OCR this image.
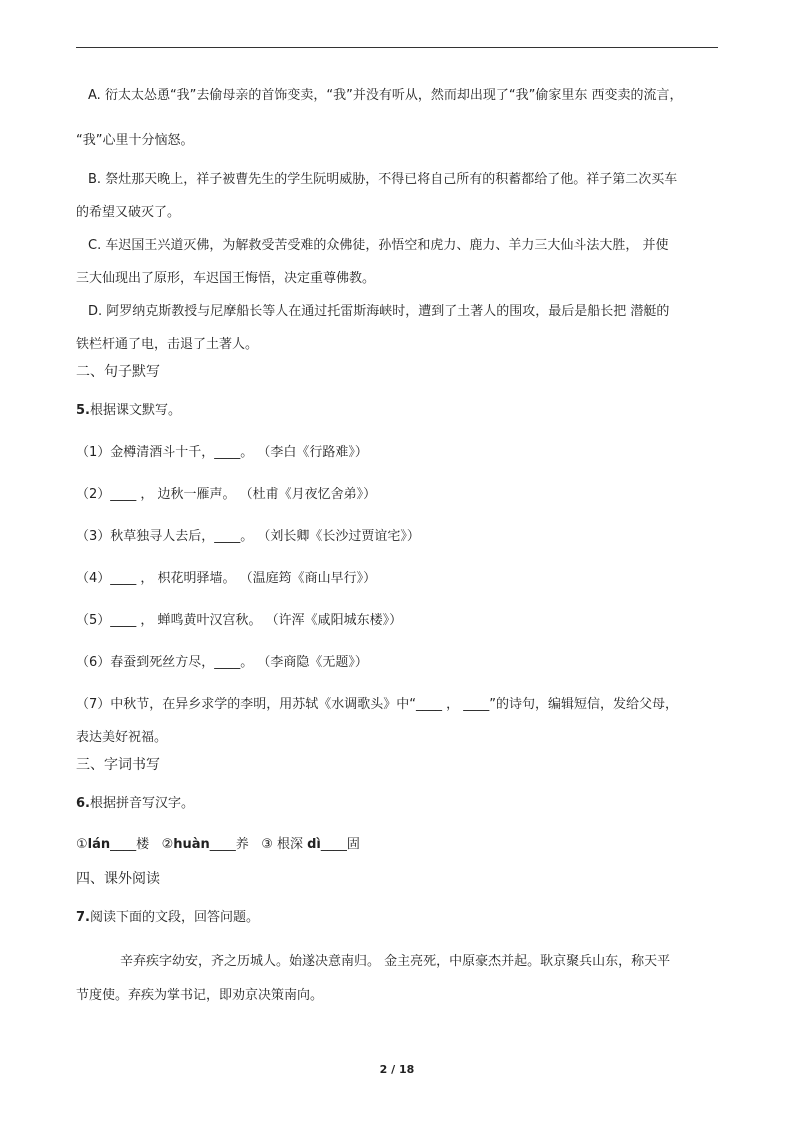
A. 衍太太怂恿“我”去偷母亲的首饰变卖，“我”并没有听从，然而却出现了“我”偷家里东 西变卖的流言，
“我”心里十分恼怒。
B. 祭灶那天晚上，祥子被曹先生的学生阮明威胁，不得已将自己所有的积蓄都给了他。祥子第二次买车
的希望又破灭了。
C. 车迟国王兴道灭佛，为解救受苦受难的众佛徒，孙悟空和虎力、鹿力、羊力三大仙斗法大胜， 并使
三大仙现出了原形，车迟国王悔悟，决定重尊佛教。
D. 阿罗纳克斯教授与尼摩船长等人在通过托雷斯海峡时，遭到了土著人的围攻，最后是船长把 潜艇的
铁栏杆通了电，击退了土著人。
二、句子默写
5.根据课文默写。
（1）金樽清酒斗十千，____。 （李白《行路难》）
（2）____ ， 边秋一雁声。 （杜甫《月夜忆舍弟》）
（3）秋草独寻人去后，____。 （刘长卿《长沙过贾谊宅》）
（4）____ ， 枳花明驿墙。 （温庭筠《商山早行》）
（5）____ ， 蝉鸣黄叶汉宫秋。 （许浑《咸阳城东楼》）
（6）春蚕到死丝方尽，____。 （李商隐《无题》）
（7）中秋节，在异乡求学的李明，用苏轼《水调歌头》中“____ ， ____”的诗句，编辑短信，发给父母，
表达美好祝福。
三、字词书写
6.根据拼音写汉字。
①lán____楼 ②huàn____养 ③ 根深 dì____固
四、课外阅读
7.阅读下面的文段，回答问题。
辛弃疾字幼安，齐之历城人。始遂决意南归。 金主亮死，中原豪杰并起。耿京聚兵山东，称天平
节度使。弃疾为掌书记，即劝京决策南向。
2 / 18
